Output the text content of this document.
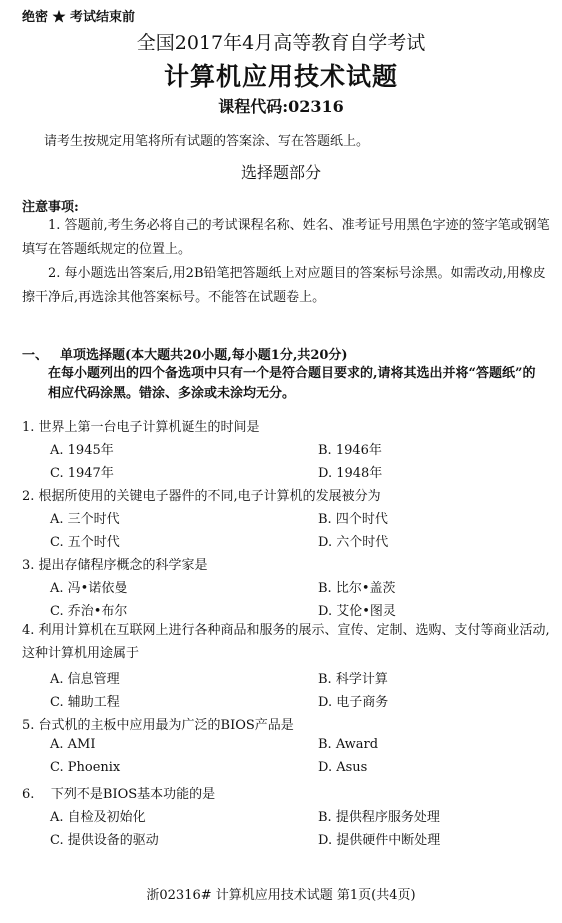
绝密 ★ 考试结束前
全国2017年4月高等教育自学考试
计算机应用技术试题
课程代码:02316
请考生按规定用笔将所有试题的答案涂、写在答题纸上。
选择题部分
注意事项:
1. 答题前,考生务必将自己的考试课程名称、姓名、准考证号用黑色字迹的签字笔或钢笔填写在答题纸规定的位置上。
2. 每小题选出答案后,用2B铅笔把答题纸上对应题目的答案标号涂黑。如需改动,用橡皮擦干净后,再选涂其他答案标号。不能答在试题卷上。
一、 单项选择题(本大题共20小题,每小题1分,共20分)
在每小题列出的四个备选项中只有一个是符合题目要求的,请将其选出并将“答题纸”的相应代码涂黑。错涂、多涂或未涂均无分。
1. 世界上第一台电子计算机诞生的时间是
A. 1945年	B. 1946年
C. 1947年	D. 1948年
2. 根据所使用的关键电子器件的不同,电子计算机的发展被分为
A. 三个时代	B. 四个时代
C. 五个时代	D. 六个时代
3. 提出存储程序概念的科学家是
A. 冯•诺依曼	B. 比尔•盖茨
C. 乔治•布尔	D. 艾伦•图灵
4. 利用计算机在互联网上进行各种商品和服务的展示、宣传、定制、选购、支付等商业活动,这种计算机用途属于
A. 信息管理	B. 科学计算
C. 辅助工程	D. 电子商务
5. 台式机的主板中应用最为广泛的BIOS产品是
A. AMI	B. Award
C. Phoenix	D. Asus
6.    下列不是BIOS基本功能的是
A. 自检及初始化	B. 提供程序服务处理
C. 提供设备的驱动	D. 提供硬件中断处理
浙02316# 计算机应用技术试题 第1页(共4页)
